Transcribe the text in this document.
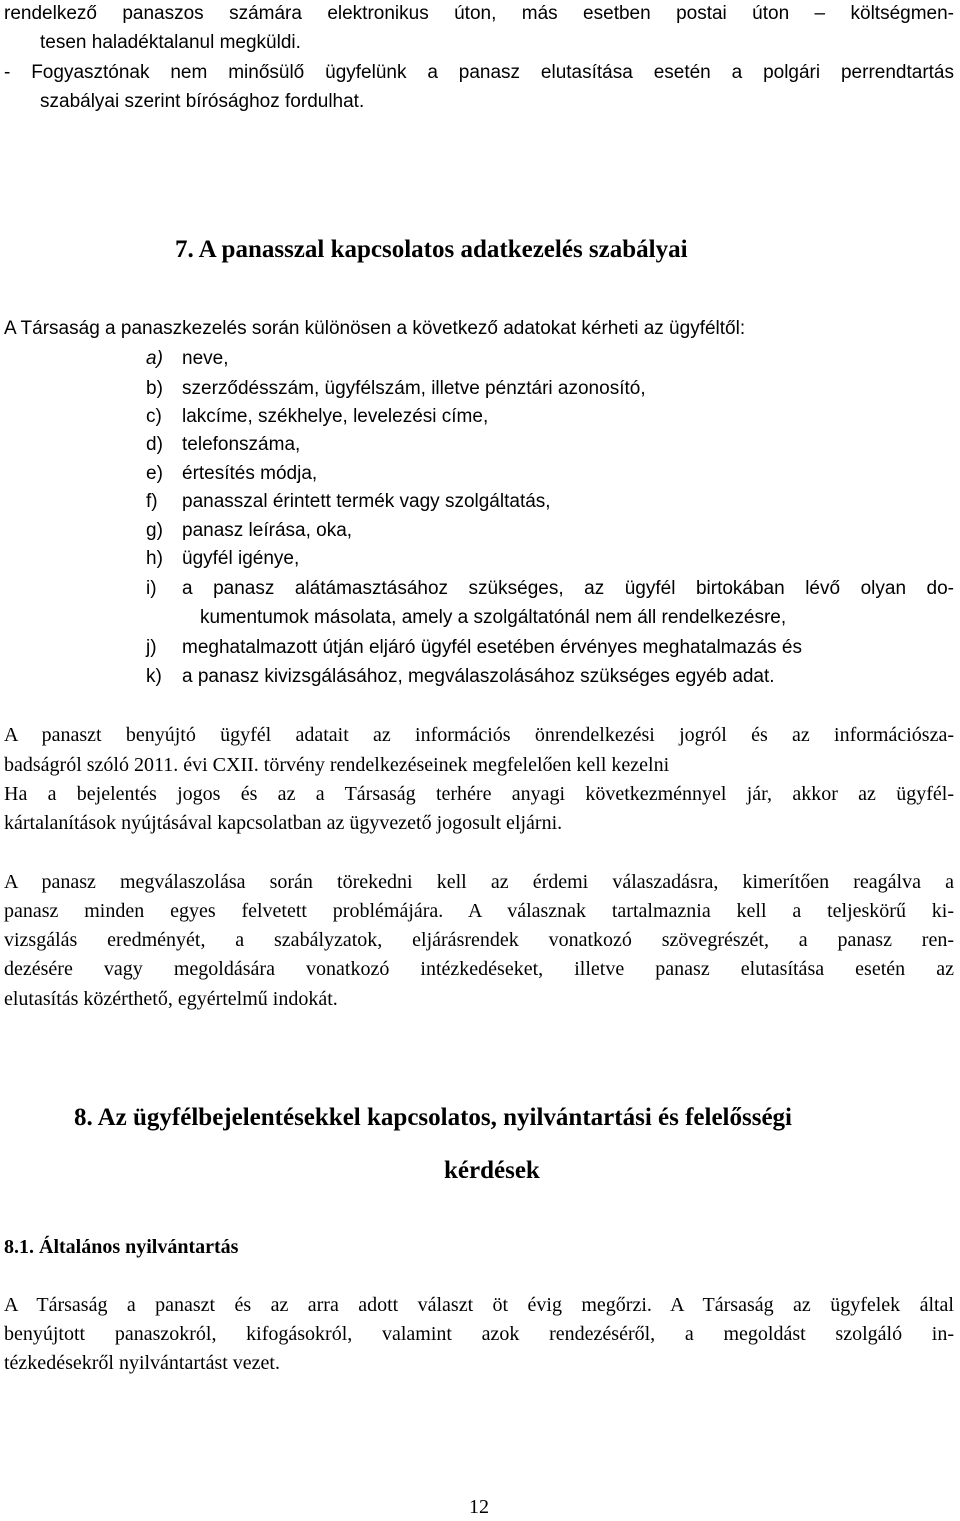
rendelkező panaszos számára elektronikus úton, más esetben postai úton – költségmen-
tesen haladéktalanul megküldi.
- Fogyasztónak nem minősülő ügyfelünk a panasz elutasítása esetén a polgári perrendtartás
szabályai szerint bírósághoz fordulhat.
7. A panasszal kapcsolatos adatkezelés szabályai
A Társaság a panaszkezelés során különösen a következő adatokat kérheti az ügyféltől:
a) neve,
b) szerződésszám, ügyfélszám, illetve pénztári azonosító,
c) lakcíme, székhelye, levelezési címe,
d) telefonszáma,
e) értesítés módja,
f) panasszal érintett termék vagy szolgáltatás,
g) panasz leírása, oka,
h) ügyfél igénye,
i) a panasz alátámasztásához szükséges, az ügyfél birtokában lévő olyan do-
kumentumok másolata, amely a szolgáltatónál nem áll rendelkezésre,
j) meghatalmazott útján eljáró ügyfél esetében érvényes meghatalmazás és
k) a panasz kivizsgálásához, megválaszolásához szükséges egyéb adat.
A panaszt benyújtó ügyfél adatait az információs önrendelkezési jogról és az információsza-
badságról szóló 2011. évi CXII. törvény rendelkezéseinek megfelelően kell kezelni
Ha a bejelentés jogos és az a Társaság terhére anyagi következménnyel jár, akkor az ügyfél-
kártalanítások nyújtásával kapcsolatban az ügyvezető jogosult eljárni.
A panasz megválaszolása során törekedni kell az érdemi válaszadásra, kimerítően reagálva a
panasz minden egyes felvetett problémájára. A válasznak tartalmaznia kell a teljeskörű ki-
vizsgálás eredményét, a szabályzatok, eljárásrendek vonatkozó szövegrészét, a panasz ren-
dezésére vagy megoldására vonatkozó intézkedéseket, illetve panasz elutasítása esetén az
elutasítás közérthető, egyértelmű indokát.
8. Az ügyfélbejelentésekkel kapcsolatos, nyilvántartási és felelősségi
kérdések
8.1. Általános nyilvántartás
A Társaság a panaszt és az arra adott választ öt évig megőrzi. A Társaság az ügyfelek által
benyújtott panaszokról, kifogásokról, valamint azok rendezéséről, a megoldást szolgáló in-
tézkedésekről nyilvántartást vezet.
12
